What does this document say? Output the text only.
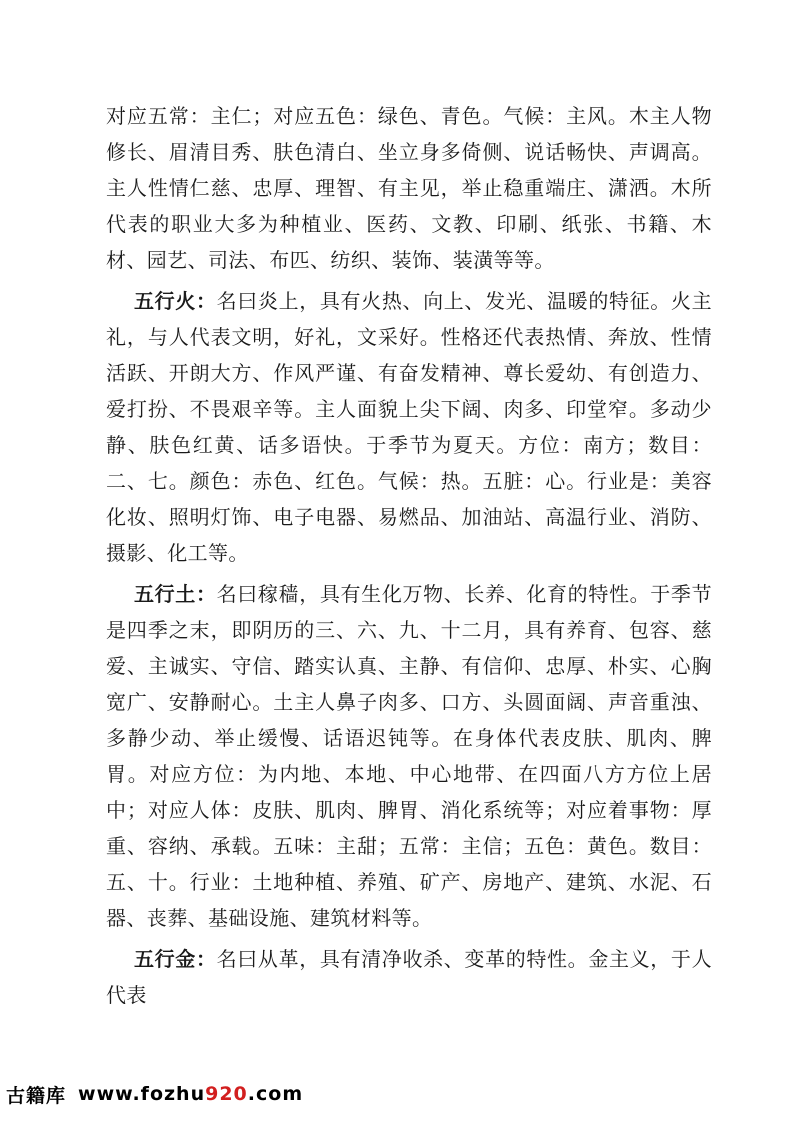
对应五常：主仁；对应五色：绿色、青色。气候：主风。木主人物修长、眉清目秀、肤色清白、坐立身多倚侧、说话畅快、声调高。主人性情仁慈、忠厚、理智、有主见，举止稳重端庄、潇洒。木所代表的职业大多为种植业、医药、文教、印刷、纸张、书籍、木材、园艺、司法、布匹、纺织、装饰、装潢等等。

五行火：名曰炎上，具有火热、向上、发光、温暖的特征。火主礼，与人代表文明，好礼，文采好。性格还代表热情、奔放、性情活跃、开朗大方、作风严谨、有奋发精神、尊长爱幼、有创造力、爱打扮、不畏艰辛等。主人面貌上尖下阔、肉多、印堂窄。多动少静、肤色红黄、话多语快。于季节为夏天。方位：南方；数目：二、七。颜色：赤色、红色。气候：热。五脏：心。行业是：美容化妆、照明灯饰、电子电器、易燃品、加油站、高温行业、消防、摄影、化工等。

五行土：名曰稼穑，具有生化万物、长养、化育的特性。于季节是四季之末，即阴历的三、六、九、十二月，具有养育、包容、慈爱、主诚实、守信、踏实认真、主静、有信仰、忠厚、朴实、心胸宽广、安静耐心。土主人鼻子肉多、口方、头圆面阔、声音重浊、多静少动、举止缓慢、话语迟钝等。在身体代表皮肤、肌肉、脾胃。对应方位：为内地、本地、中心地带、在四面八方方位上居中；对应人体：皮肤、肌肉、脾胃、消化系统等；对应着事物：厚重、容纳、承载。五味：主甜；五常：主信；五色：黄色。数目：五、十。行业：土地种植、养殖、矿产、房地产、建筑、水泥、石器、丧葬、基础设施、建筑材料等。

五行金：名曰从革，具有清净收杀、变革的特性。金主义，于人代表

古籍库 www.fozhu920.com
